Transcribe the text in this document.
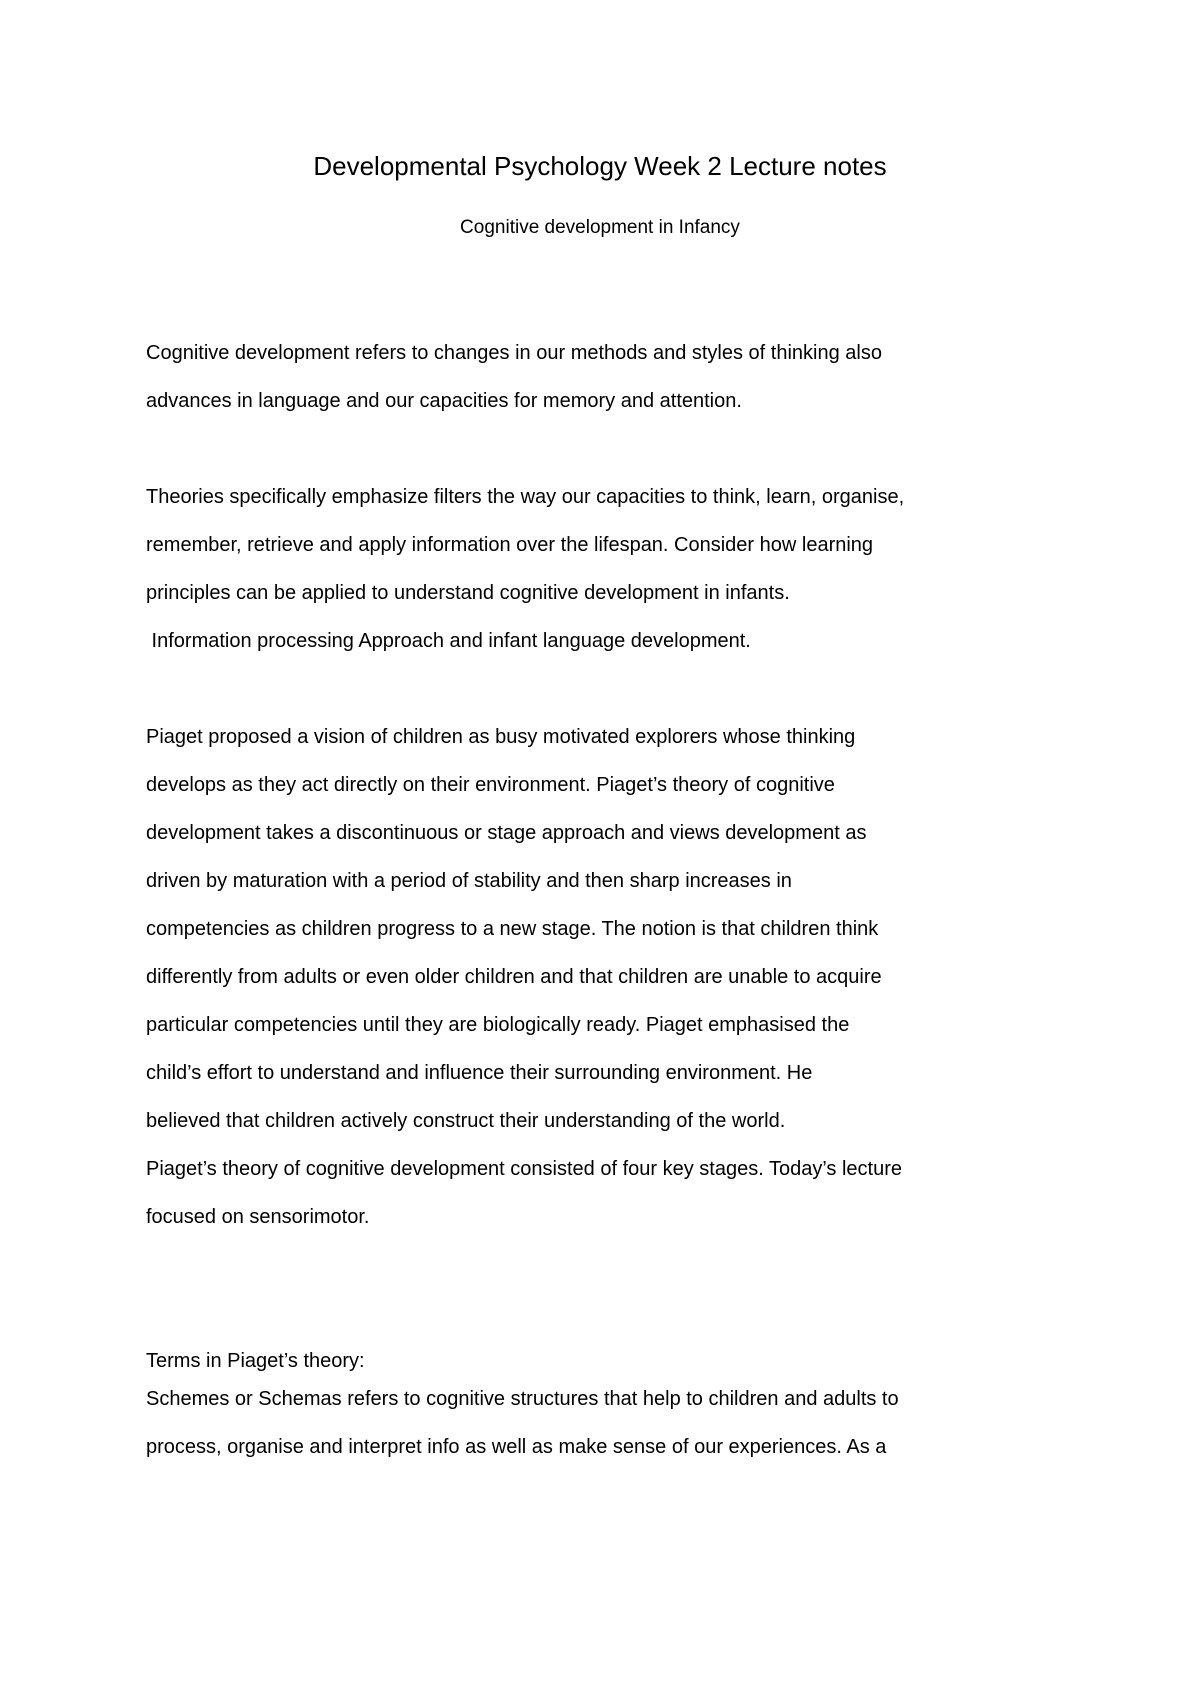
Developmental Psychology Week 2 Lecture notes
Cognitive development in Infancy
Cognitive development refers to changes in our methods and styles of thinking also
advances in language and our capacities for memory and attention.
Theories specifically emphasize filters the way our capacities to think, learn, organise,
remember, retrieve and apply information over the lifespan. Consider how learning
principles can be applied to understand cognitive development in infants.
Information processing Approach and infant language development.
Piaget proposed a vision of children as busy motivated explorers whose thinking
develops as they act directly on their environment. Piaget’s theory of cognitive
development takes a discontinuous or stage approach and views development as
driven by maturation with a period of stability and then sharp increases in
competencies as children progress to a new stage. The notion is that children think
differently from adults or even older children and that children are unable to acquire
particular competencies until they are biologically ready. Piaget emphasised the
child’s effort to understand and influence their surrounding environment. He
believed that children actively construct their understanding of the world.
Piaget’s theory of cognitive development consisted of four key stages. Today’s lecture
focused on sensorimotor.
Terms in Piaget’s theory:
Schemes or Schemas refers to cognitive structures that help to children and adults to
process, organise and interpret info as well as make sense of our experiences. As a
